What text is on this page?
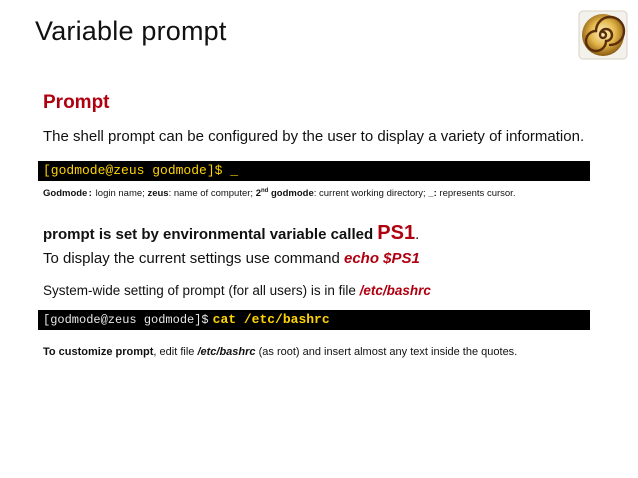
Variable prompt
Prompt
The shell prompt can be configured by the user to display a variety of information.
[godmode@zeus godmode]$ _
Godmode: login name; zeus: name of computer; 2nd godmode: current working directory; _: represents cursor.
prompt is set by environmental variable called PS1.
To display the current settings use command echo $PS1
System-wide setting of prompt (for all users) is in file /etc/bashrc
[godmode@zeus godmode]$ cat /etc/bashrc
To customize prompt, edit file /etc/bashrc (as root) and insert almost any text inside the quotes.
